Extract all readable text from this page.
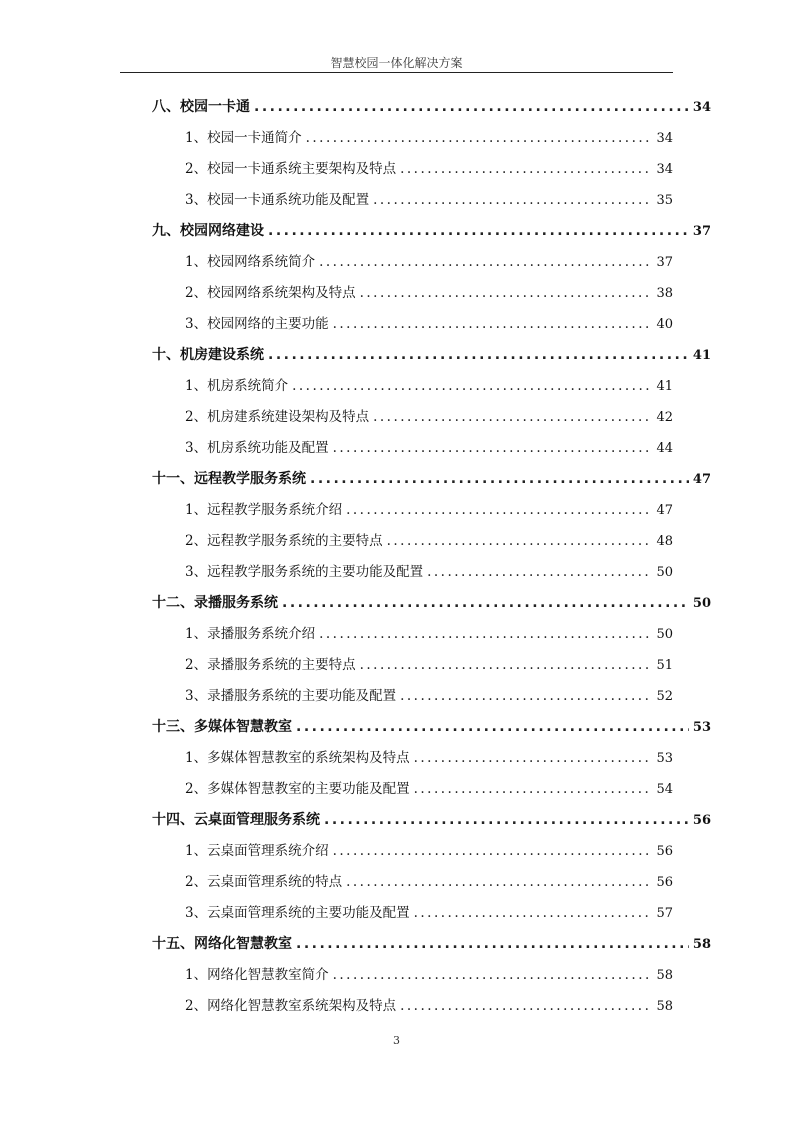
智慧校园一体化解决方案
八、校园一卡通 .....	34
1、校园一卡通简介 .....	34
2、校园一卡通系统主要架构及特点 .....	34
3、校园一卡通系统功能及配置 .....	35
九、校园网络建设 .....	37
1、校园网络系统简介 .....	37
2、校园网络系统架构及特点 .....	38
3、校园网络的主要功能 .....	40
十、机房建设系统 .....	41
1、机房系统简介 .....	41
2、机房建系统建设架构及特点 .....	42
3、机房系统功能及配置 .....	44
十一、远程教学服务系统 .....	47
1、远程教学服务系统介绍 .....	47
2、远程教学服务系统的主要特点 .....	48
3、远程教学服务系统的主要功能及配置 .....	50
十二、录播服务系统 .....	50
1、录播服务系统介绍 .....	50
2、录播服务系统的主要特点 .....	51
3、录播服务系统的主要功能及配置 .....	52
十三、多媒体智慧教室 .....	53
1、多媒体智慧教室的系统架构及特点 .....	53
2、多媒体智慧教室的主要功能及配置 .....	54
十四、云桌面管理服务系统 .....	56
1、云桌面管理系统介绍 .....	56
2、云桌面管理系统的特点 .....	56
3、云桌面管理系统的主要功能及配置 .....	57
十五、网络化智慧教室 .....	58
1、网络化智慧教室简介 .....	58
2、网络化智慧教室系统架构及特点 .....	58
3
